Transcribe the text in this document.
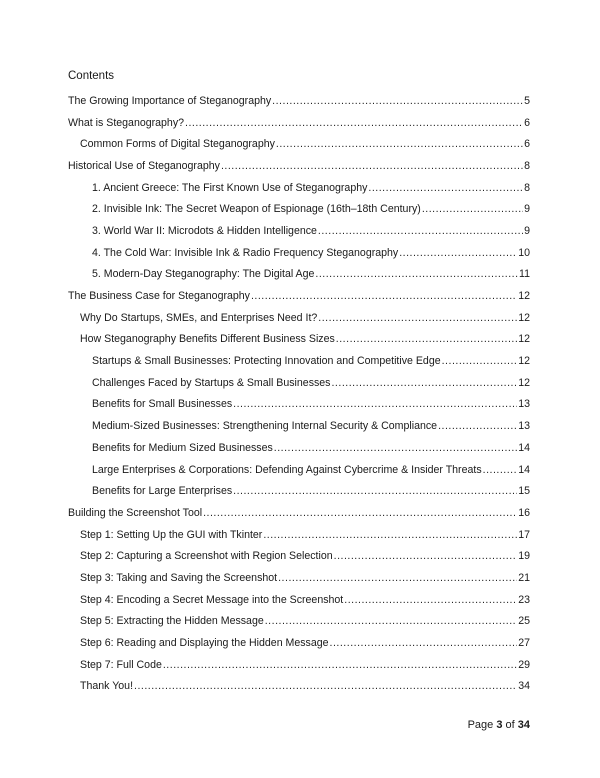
Contents
The Growing Importance of Steganography .....	5
What is Steganography? .....	6
Common Forms of Digital Steganography .....	6
Historical Use of Steganography .....	8
1. Ancient Greece: The First Known Use of Steganography .....	8
2. Invisible Ink: The Secret Weapon of Espionage (16th–18th Century) .....	9
3. World War II: Microdots & Hidden Intelligence .....	9
4. The Cold War: Invisible Ink & Radio Frequency Steganography .....	10
5. Modern-Day Steganography: The Digital Age .....	11
The Business Case for Steganography .....	12
Why Do Startups, SMEs, and Enterprises Need It? .....	12
How Steganography Benefits Different Business Sizes .....	12
Startups & Small Businesses: Protecting Innovation and Competitive Edge .....	12
Challenges Faced by Startups & Small Businesses .....	12
Benefits for Small Businesses .....	13
Medium-Sized Businesses: Strengthening Internal Security & Compliance .....	13
Benefits for Medium Sized Businesses .....	14
Large Enterprises & Corporations: Defending Against Cybercrime & Insider Threats .....	14
Benefits for Large Enterprises .....	15
Building the Screenshot Tool .....	16
Step 1: Setting Up the GUI with Tkinter .....	17
Step 2: Capturing a Screenshot with Region Selection .....	19
Step 3: Taking and Saving the Screenshot .....	21
Step 4: Encoding a Secret Message into the Screenshot .....	23
Step 5: Extracting the Hidden Message .....	25
Step 6: Reading and Displaying the Hidden Message .....	27
Step 7: Full Code .....	29
Thank You! .....	34
Page 3 of 34
